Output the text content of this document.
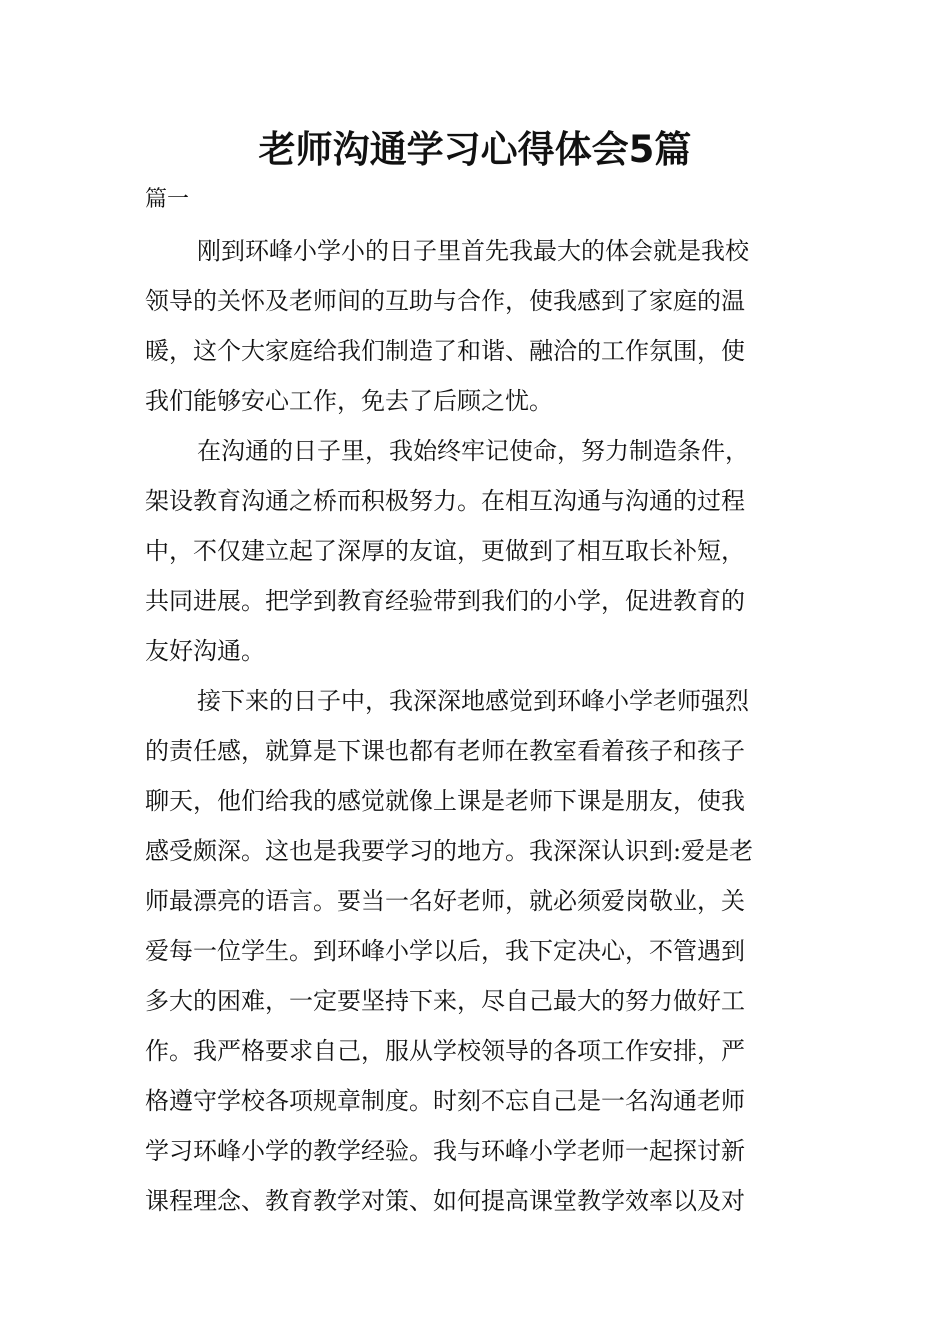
老师沟通学习心得体会5篇
篇一

刚到环峰小学小的日子里首先我最大的体会就是我校
领导的关怀及老师间的互助与合作，使我感到了家庭的温
暖，这个大家庭给我们制造了和谐、融洽的工作氛围，使
我们能够安心工作，免去了后顾之忧。

在沟通的日子里，我始终牢记使命，努力制造条件，
架设教育沟通之桥而积极努力。在相互沟通与沟通的过程
中，不仅建立起了深厚的友谊，更做到了相互取长补短，
共同进展。把学到教育经验带到我们的小学，促进教育的
友好沟通。

接下来的日子中，我深深地感觉到环峰小学老师强烈
的责任感，就算是下课也都有老师在教室看着孩子和孩子
聊天，他们给我的感觉就像上课是老师下课是朋友，使我
感受颇深。这也是我要学习的地方。我深深认识到:爱是老
师最漂亮的语言。要当一名好老师，就必须爱岗敬业，关
爱每一位学生。到环峰小学以后，我下定决心，不管遇到
多大的困难，一定要坚持下来，尽自己最大的努力做好工
作。我严格要求自己，服从学校领导的各项工作安排，严
格遵守学校各项规章制度。时刻不忘自己是一名沟通老师
学习环峰小学的教学经验。我与环峰小学老师一起探讨新
课程理念、教育教学对策、如何提高课堂教学效率以及对
